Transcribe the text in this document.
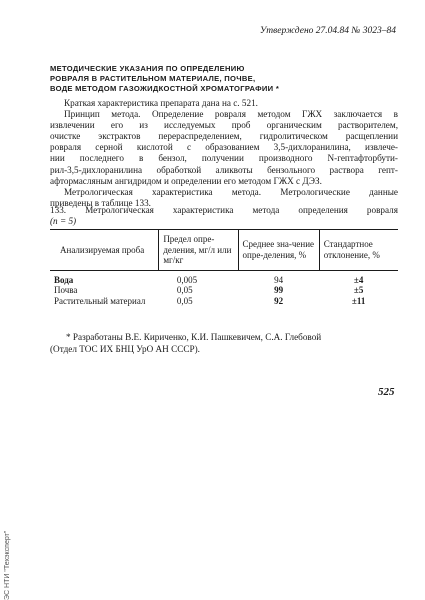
Утверждено 27.04.84 № 3023–84
МЕТОДИЧЕСКИЕ УКАЗАНИЯ ПО ОПРЕДЕЛЕНИЮ
РОВРАЛЯ В РАСТИТЕЛЬНОМ МАТЕРИАЛЕ, ПОЧВЕ,
ВОДЕ МЕТОДОМ ГАЗОЖИДКОСТНОЙ ХРОМАТОГРАФИИ *

Краткая характеристика препарата дана на с. 521.

Принцип метода. Определение ровраля методом ГЖХ заключается в
извлечении его из исследуемых проб органическим растворителем,
очистке экстрактов перераспределением, гидролитическом расщеплении
ровраля серной кислотой с образованием 3,5-дихлоранилина, извлече-
нии последнего в бензол, получении производного N-гептафторбути-
рил-3,5-дихлоранилина обработкой аликвоты бензольного раствора гепт-
афтормасляным ангидридом и определении его методом ГЖХ с ДЭЗ.
Метрологическая характеристика метода. Метрологические данные
приведены в таблице 133.
133. Метрологическая характеристика метода определения ровраля
(n = 5)
Анализируемая проба	Предел опре-деления, мг/л или мг/кг	Среднее зна-чение опре-деления, %	Стандартное отклонение, %
Вода	0,005	94	±4
Почва	0,05	99	±5
Растительный материал	0,05	92	±11
* Разработаны В.Е. Кириченко, К.И. Пашкевичем, С.А. Глебовой
(Отдел ТОС ИХ БНЦ УрО АН СССР).
525
ЭС НТИ "Техэксперт"
